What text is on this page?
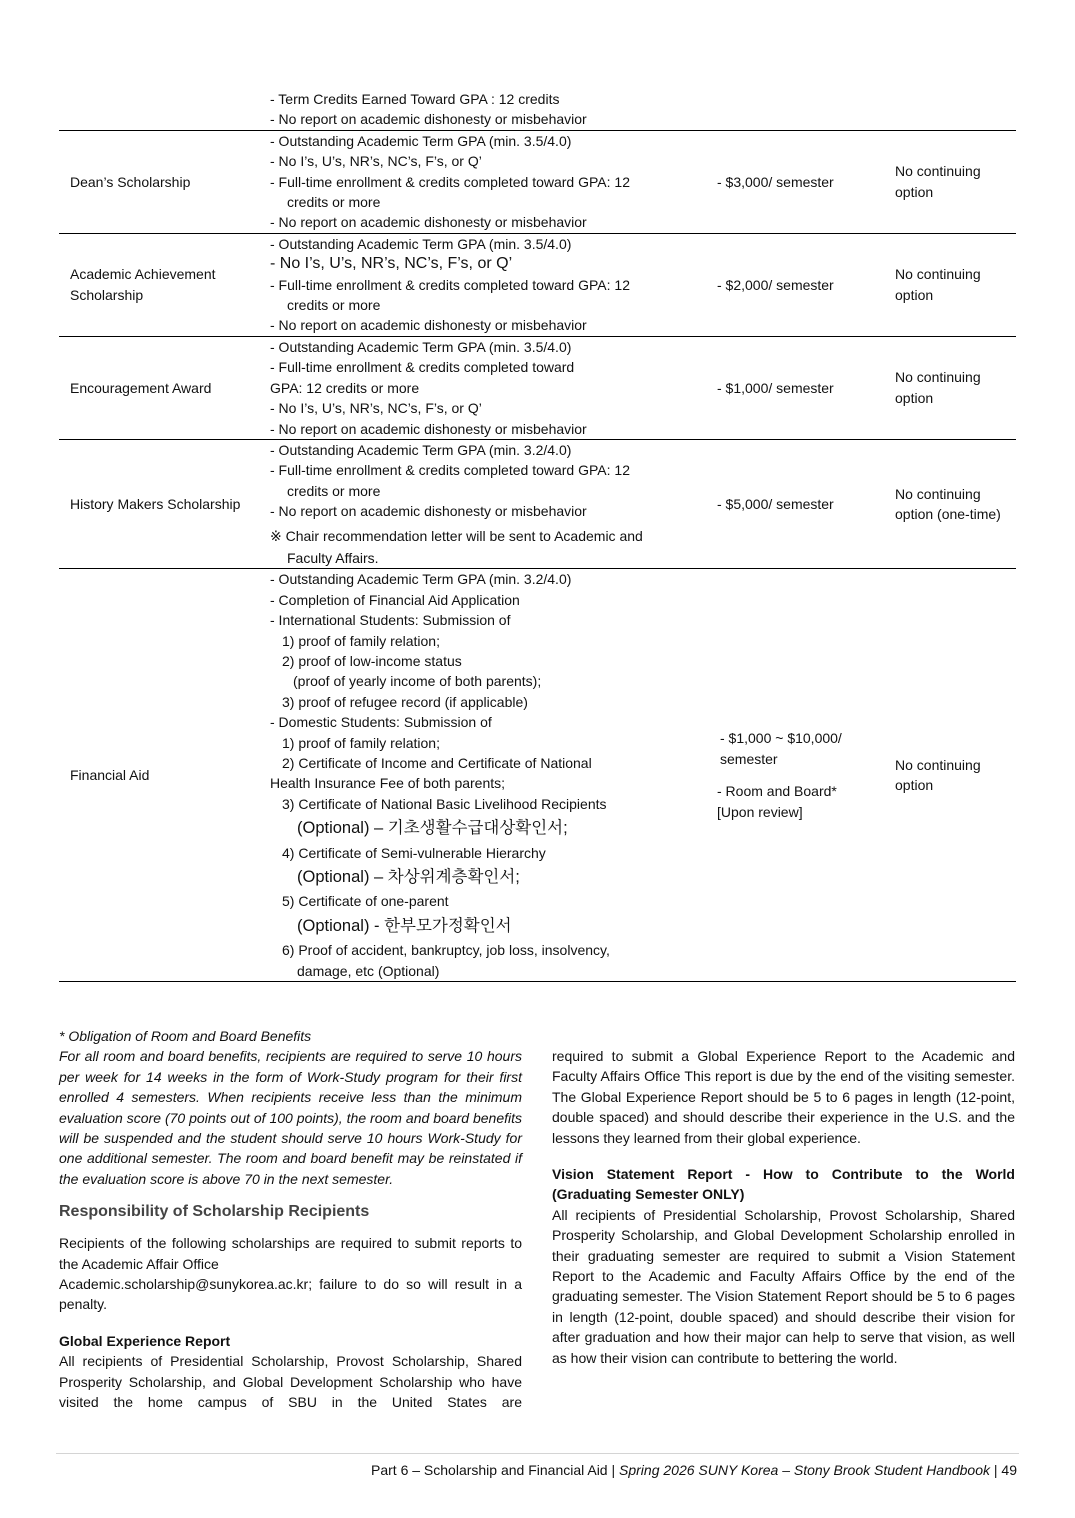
- Term Credits Earned Toward GPA : 12 credits
- No report on academic dishonesty or misbehavior
Dean’s Scholarship
- Outstanding Academic Term GPA (min. 3.5/4.0)
- No I’s, U’s, NR’s, NC’s, F’s, or Q’
- Full-time enrollment & credits completed toward GPA: 12
credits or more
- No report on academic dishonesty or misbehavior
- $3,000/ semester
No continuing option
Academic Achievement Scholarship
- Outstanding Academic Term GPA (min. 3.5/4.0)
- No I’s, U’s, NR’s, NC’s, F’s, or Q’
- Full-time enrollment & credits completed toward GPA: 12
credits or more
- No report on academic dishonesty or misbehavior
- $2,000/ semester
No continuing option
Encouragement Award
- Outstanding Academic Term GPA (min. 3.5/4.0)
- Full-time enrollment & credits completed toward
GPA: 12 credits or more
- No I’s, U’s, NR’s, NC’s, F’s, or Q’
- No report on academic dishonesty or misbehavior
- $1,000/ semester
No continuing option
History Makers Scholarship
- Outstanding Academic Term GPA (min. 3.2/4.0)
- Full-time enrollment & credits completed toward GPA: 12
credits or more
- No report on academic dishonesty or misbehavior
※ Chair recommendation letter will be sent to Academic and
Faculty Affairs.
- $5,000/ semester
No continuing option (one-time)
Financial Aid
- Outstanding Academic Term GPA (min. 3.2/4.0)
- Completion of Financial Aid Application
- International Students: Submission of
1) proof of family relation;
2) proof of low-income status
(proof of yearly income of both parents);
3) proof of refugee record (if applicable)
- Domestic Students: Submission of
1) proof of family relation;
2) Certificate of Income and Certificate of National
Health Insurance Fee of both parents;
3) Certificate of National Basic Livelihood Recipients
(Optional) – 기초생활수급대상확인서;
4) Certificate of Semi-vulnerable Hierarchy
(Optional) – 차상위계층확인서;
5) Certificate of one-parent
(Optional) - 한부모가정확인서
6) Proof of accident, bankruptcy, job loss, insolvency,
damage, etc (Optional)
- $1,000 ~ $10,000/
semester
- Room and Board*
[Upon review]
No continuing option

* Obligation of Room and Board Benefits

For all room and board benefits, recipients are required to serve 10 hours per week for 14 weeks in the form of Work-Study program for their first enrolled 4 semesters. When recipients receive less than the minimum evaluation score (70 points out of 100 points), the room and board benefits will be suspended and the student should serve 10 hours Work-Study for one additional semester. The room and board benefit may be reinstated if the evaluation score is above 70 in the next semester.

Responsibility of Scholarship Recipients

Recipients of the following scholarships are required to submit reports to the Academic Affair Office
Academic.scholarship@sunykorea.ac.kr; failure to do so will result in a penalty.

Global Experience Report

All recipients of Presidential Scholarship, Provost Scholarship, Shared Prosperity Scholarship, and Global Development Scholarship who have visited the home campus of SBU in the United States are

required to submit a Global Experience Report to the Academic and Faculty Affairs Office This report is due by the end of the visiting semester. The Global Experience Report should be 5 to 6 pages in length (12-point, double spaced) and should describe their experience in the U.S. and the lessons they learned from their global experience.

Vision Statement Report - How to Contribute to the World (Graduating Semester ONLY)

All recipients of Presidential Scholarship, Provost Scholarship, Shared Prosperity Scholarship, and Global Development Scholarship enrolled in their graduating semester are required to submit a Vision Statement Report to the Academic and Faculty Affairs Office by the end of the graduating semester. The Vision Statement Report should be 5 to 6 pages in length (12-point, double spaced) and should describe their vision for after graduation and how their major can help to serve that vision, as well as how their vision can contribute to bettering the world.

Part 6 – Scholarship and Financial Aid | Spring 2026 SUNY Korea – Stony Brook Student Handbook | 49
